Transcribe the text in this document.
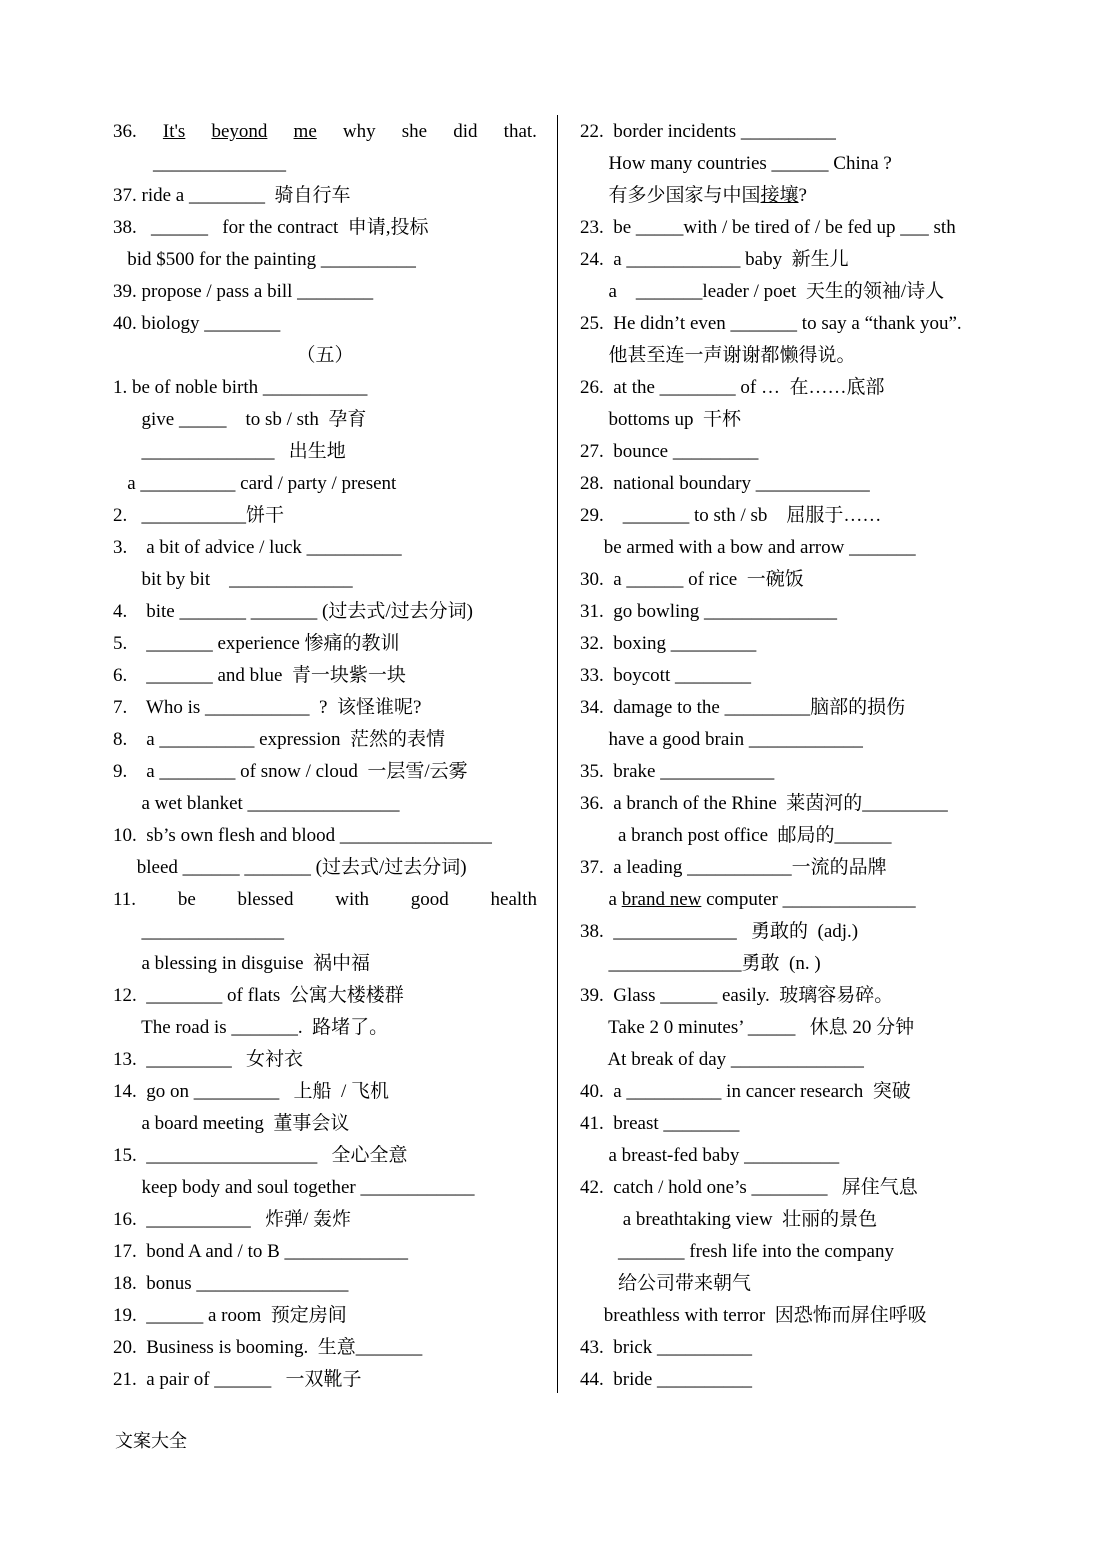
36. It's beyond me why she did that.
______________
37. ride a ________  骑自行车
38.   ______   for the contract  申请,投标
bid $500 for the painting __________
39. propose / pass a bill ________
40. biology ________
（五）
1. be of noble birth ___________
give _____    to sb / sth  孕育
______________   出生地
a __________ card / party / present
2.   ___________饼干
3.    a bit of advice / luck __________
bit by bit    _____________
4.    bite _______ _______ (过去式/过去分词)
5.    _______ experience 惨痛的教训
6.    _______ and blue  青一块紫一块
7.    Who is ___________  ?  该怪谁呢?
8.    a __________ expression  茫然的表情
9.    a ________ of snow / cloud  一层雪/云雾
a wet blanket ________________
10.  sb’s own flesh and blood ________________
bleed ______ _______ (过去式/过去分词)
11. be blessed with good health
_______________
a blessing in disguise  祸中福
12.  ________ of flats  公寓大楼楼群
The road is _______.  路堵了。
13.  _________   女衬衣
14.  go on _________   上船  / 飞机
a board meeting  董事会议
15.  __________________   全心全意
keep body and soul together ____________
16.  ___________   炸弹/ 轰炸
17.  bond A and / to B _____________
18.  bonus ________________
19.  ______ a room  预定房间
20.  Business is booming.  生意_______
21.  a pair of ______   一双靴子
22.  border incidents __________
How many countries ______ China ?
有多少国家与中国接壤?
23.  be _____with / be tired of / be fed up ___ sth
24.  a ____________ baby  新生儿
a    _______leader / poet  天生的领袖/诗人
25.  He didn’t even _______ to say a “thank you”.
他甚至连一声谢谢都懒得说。
26.  at the ________ of …  在……底部
bottoms up  干杯
27.  bounce _________
28.  national boundary ____________
29.    _______ to sth / sb    屈服于……
be armed with a bow and arrow _______
30.  a ______ of rice  一碗饭
31.  go bowling ______________
32.  boxing _________
33.  boycott ________
34.  damage to the _________脑部的损伤
have a good brain ____________
35.  brake ____________
36.  a branch of the Rhine  莱茵河的_________
a branch post office  邮局的______
37.  a leading ___________一流的品牌
a brand new computer ______________
38.  _____________   勇敢的  (adj.)
______________勇敢  (n. )
39.  Glass ______ easily.  玻璃容易碎。
Take 2 0 minutes’ _____   休息 20 分钟
At break of day ______________
40.  a __________ in cancer research  突破
41.  breast ________
a breast-fed baby __________
42.  catch / hold one’s ________   屏住气息
a breathtaking view  壮丽的景色
_______ fresh life into the company
给公司带来朝气
breathless with terror  因恐怖而屏住呼吸
43.  brick __________
44.  bride __________
文案大全
